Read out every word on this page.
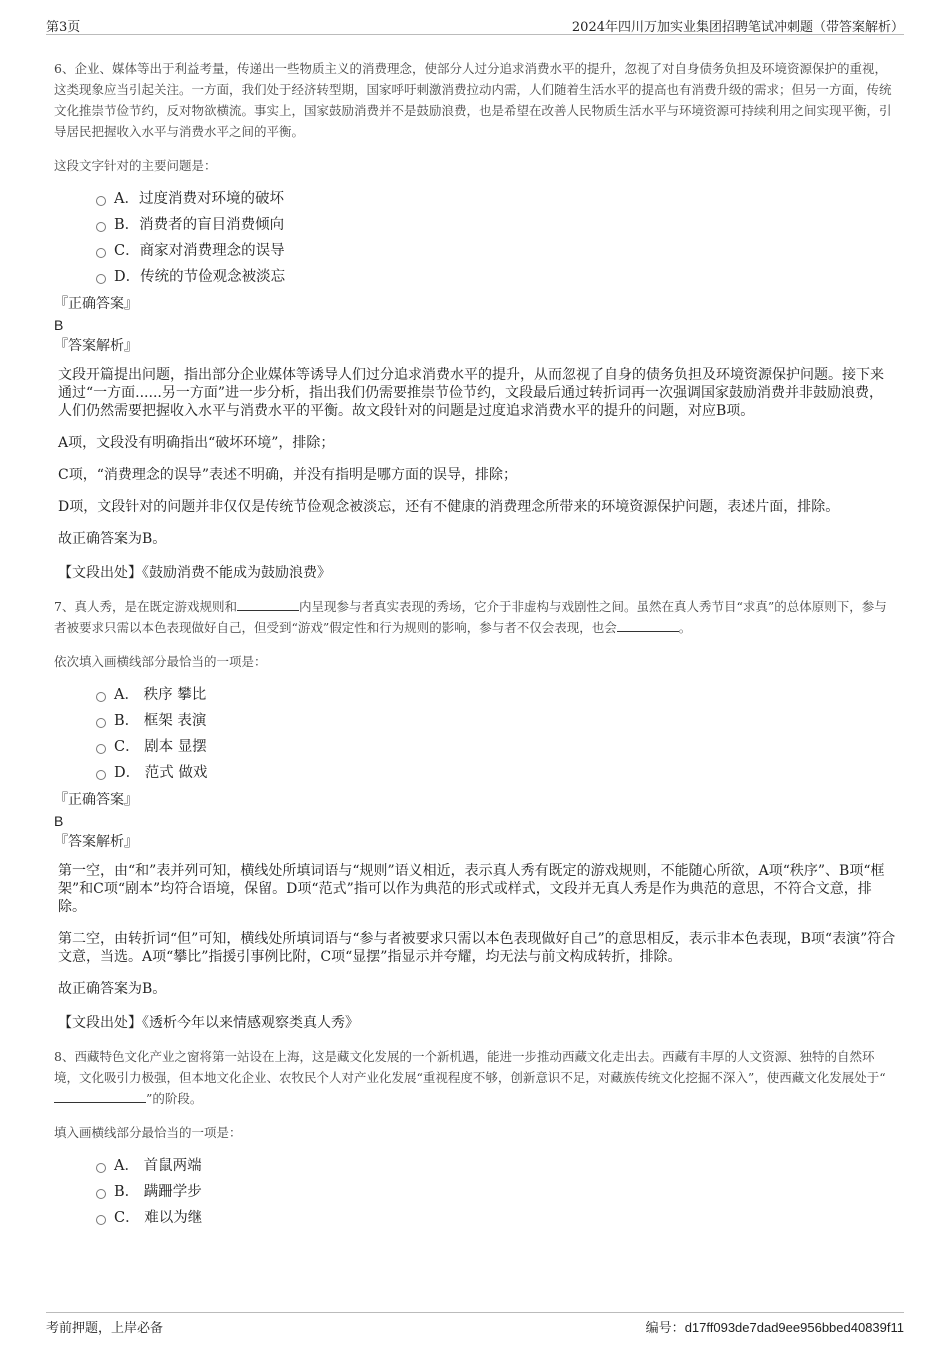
第3页	2024年四川万加实业集团招聘笔试冲刺题（带答案解析）

6、企业、媒体等出于利益考量，传递出一些物质主义的消费理念，使部分人过分追求消费水平的提升，忽视了对自身债务负担及环境资源保护的重视，这类现象应当引起关注。一方面，我们处于经济转型期，国家呼吁刺激消费拉动内需，人们随着生活水平的提高也有消费升级的需求；但另一方面，传统文化推崇节俭节约，反对物欲横流。事实上，国家鼓励消费并不是鼓励浪费，也是希望在改善人民物质生活水平与环境资源可持续利用之间实现平衡，引导居民把握收入水平与消费水平之间的平衡。

这段文字针对的主要问题是：

A．过度消费对环境的破坏
B．消费者的盲目消费倾向
C．商家对消费理念的误导
D．传统的节俭观念被淡忘

『正确答案』

B

『答案解析』

文段开篇提出问题，指出部分企业媒体等诱导人们过分追求消费水平的提升，从而忽视了自身的债务负担及环境资源保护问题。接下来通过“一方面......另一方面”进一步分析，指出我们仍需要推崇节俭节约，文段最后通过转折词再一次强调国家鼓励消费并非鼓励浪费，人们仍然需要把握收入水平与消费水平的平衡。故文段针对的问题是过度追求消费水平的提升的问题，对应B项。

A项，文段没有明确指出“破坏环境”，排除；

C项，“消费理念的误导”表述不明确，并没有指明是哪方面的误导，排除；

D项，文段针对的问题并非仅仅是传统节俭观念被淡忘，还有不健康的消费理念所带来的环境资源保护问题，表述片面，排除。

故正确答案为B。

【文段出处】《鼓励消费不能成为鼓励浪费》

7、真人秀，是在既定游戏规则和	内呈现参与者真实表现的秀场，它介于非虚构与戏剧性之间。虽然在真人秀节目“求真”的总体原则下，参与者被要求只需以本色表现做好自己，但受到“游戏”假定性和行为规则的影响，参与者不仅会表现，也会	。

依次填入画横线部分最恰当的一项是：

A． 秩序 攀比
B． 框架 表演
C． 剧本 显摆
D． 范式 做戏

『正确答案』

B

『答案解析』

第一空，由“和”表并列可知，横线处所填词语与“规则”语义相近，表示真人秀有既定的游戏规则，不能随心所欲，A项“秩序”、B项“框架”和C项“剧本”均符合语境，保留。D项“范式”指可以作为典范的形式或样式，文段并无真人秀是作为典范的意思，不符合文意，排除。

第二空，由转折词“但”可知，横线处所填词语与“参与者被要求只需以本色表现做好自己”的意思相反，表示非本色表现，B项“表演”符合文意，当选。A项“攀比”指援引事例比附，C项“显摆”指显示并夸耀，均无法与前文构成转折，排除。

故正确答案为B。

【文段出处】《透析今年以来情感观察类真人秀》

8、西藏特色文化产业之窗将第一站设在上海，这是藏文化发展的一个新机遇，能进一步推动西藏文化走出去。西藏有丰厚的人文资源、独特的自然环境，文化吸引力极强，但本地文化企业、农牧民个人对产业化发展“重视程度不够，创新意识不足，对藏族传统文化挖掘不深入”，使西藏文化发展处于“”的阶段。

填入画横线部分最恰当的一项是：

A． 首鼠两端
B． 蹒跚学步
C． 难以为继
考前押题，上岸必备	编号：d17ff093de7dad9ee956bbed40839f11
